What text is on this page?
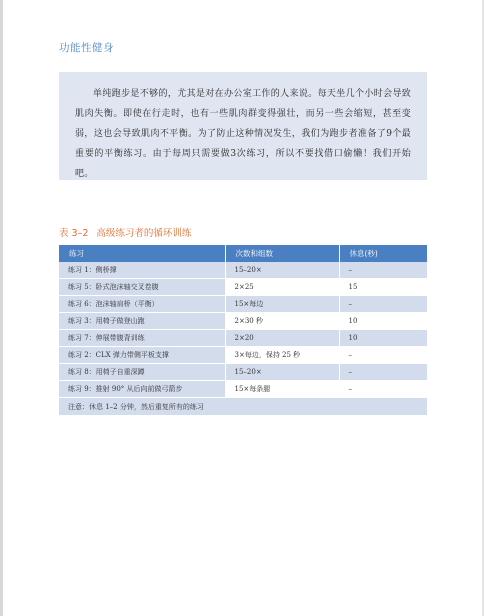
功能性健身

单纯跑步是不够的，尤其是对在办公室工作的人来说。每天坐几个小时会导致肌肉失衡。即使在行走时，也有一些肌肉群变得强壮，而另一些会缩短，甚至变弱，这也会导致肌肉不平衡。为了防止这种情况发生，我们为跑步者准备了9个最重要的平衡练习。由于每周只需要做3次练习，所以不要找借口偷懒！我们开始吧。

表 3–2 高级练习者的循环训练
练习	次数和组数	休息(秒)
练习 1：侧桥撑	15–20×	–
练习 5：卧式泡沫轴交叉卷腹	2×25	15
练习 6：泡沫轴肩桥（平衡）	15×每边	–
练习 3：用椅子做登山跑	2×30 秒	10
练习 7：伸展带腹背训练	2×20	10
练习 2：CLX 弹力带侧平板支撑	3×每边，保持 25 秒	–
练习 8：用椅子自重深蹲	15–20×	–
练习 9：推射 90° 从后向前做弓箭步	15×每条腿	–
注意：休息 1–2 分钟，然后重复所有的练习		
